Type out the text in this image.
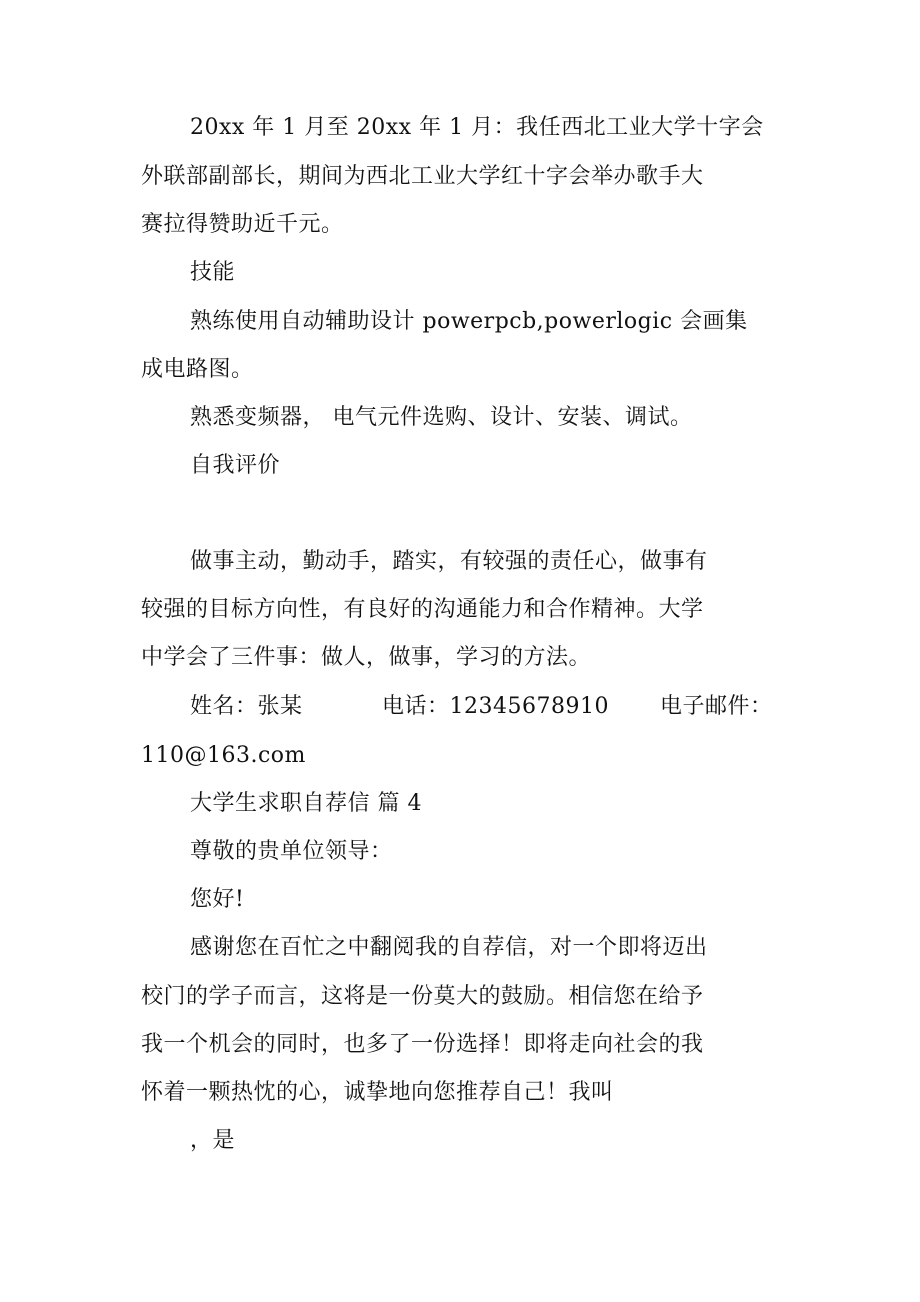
20xx 年 1 月至 20xx 年 1 月：我任西北工业大学十字会
外联部副部长，期间为西北工业大学红十字会举办歌手大
赛拉得赞助近千元。
技能
熟练使用自动辅助设计 powerpcb,powerlogic 会画集
成电路图。
熟悉变频器， 电气元件选购、设计、安装、调试。
自我评价
做事主动，勤动手，踏实，有较强的责任心，做事有
较强的目标方向性，有良好的沟通能力和合作精神。大学
中学会了三件事：做人，做事，学习的方法。
姓名：张某	电话：12345678910 电子邮件：
110@163.com
大学生求职自荐信 篇 4
尊敬的贵单位领导：
您好!
感谢您在百忙之中翻阅我的自荐信，对一个即将迈出
校门的学子而言，这将是一份莫大的鼓励。相信您在给予
我一个机会的同时，也多了一份选择！即将走向社会的我
怀着一颗热忱的心，诚挚地向您推荐自己！我叫
，是
